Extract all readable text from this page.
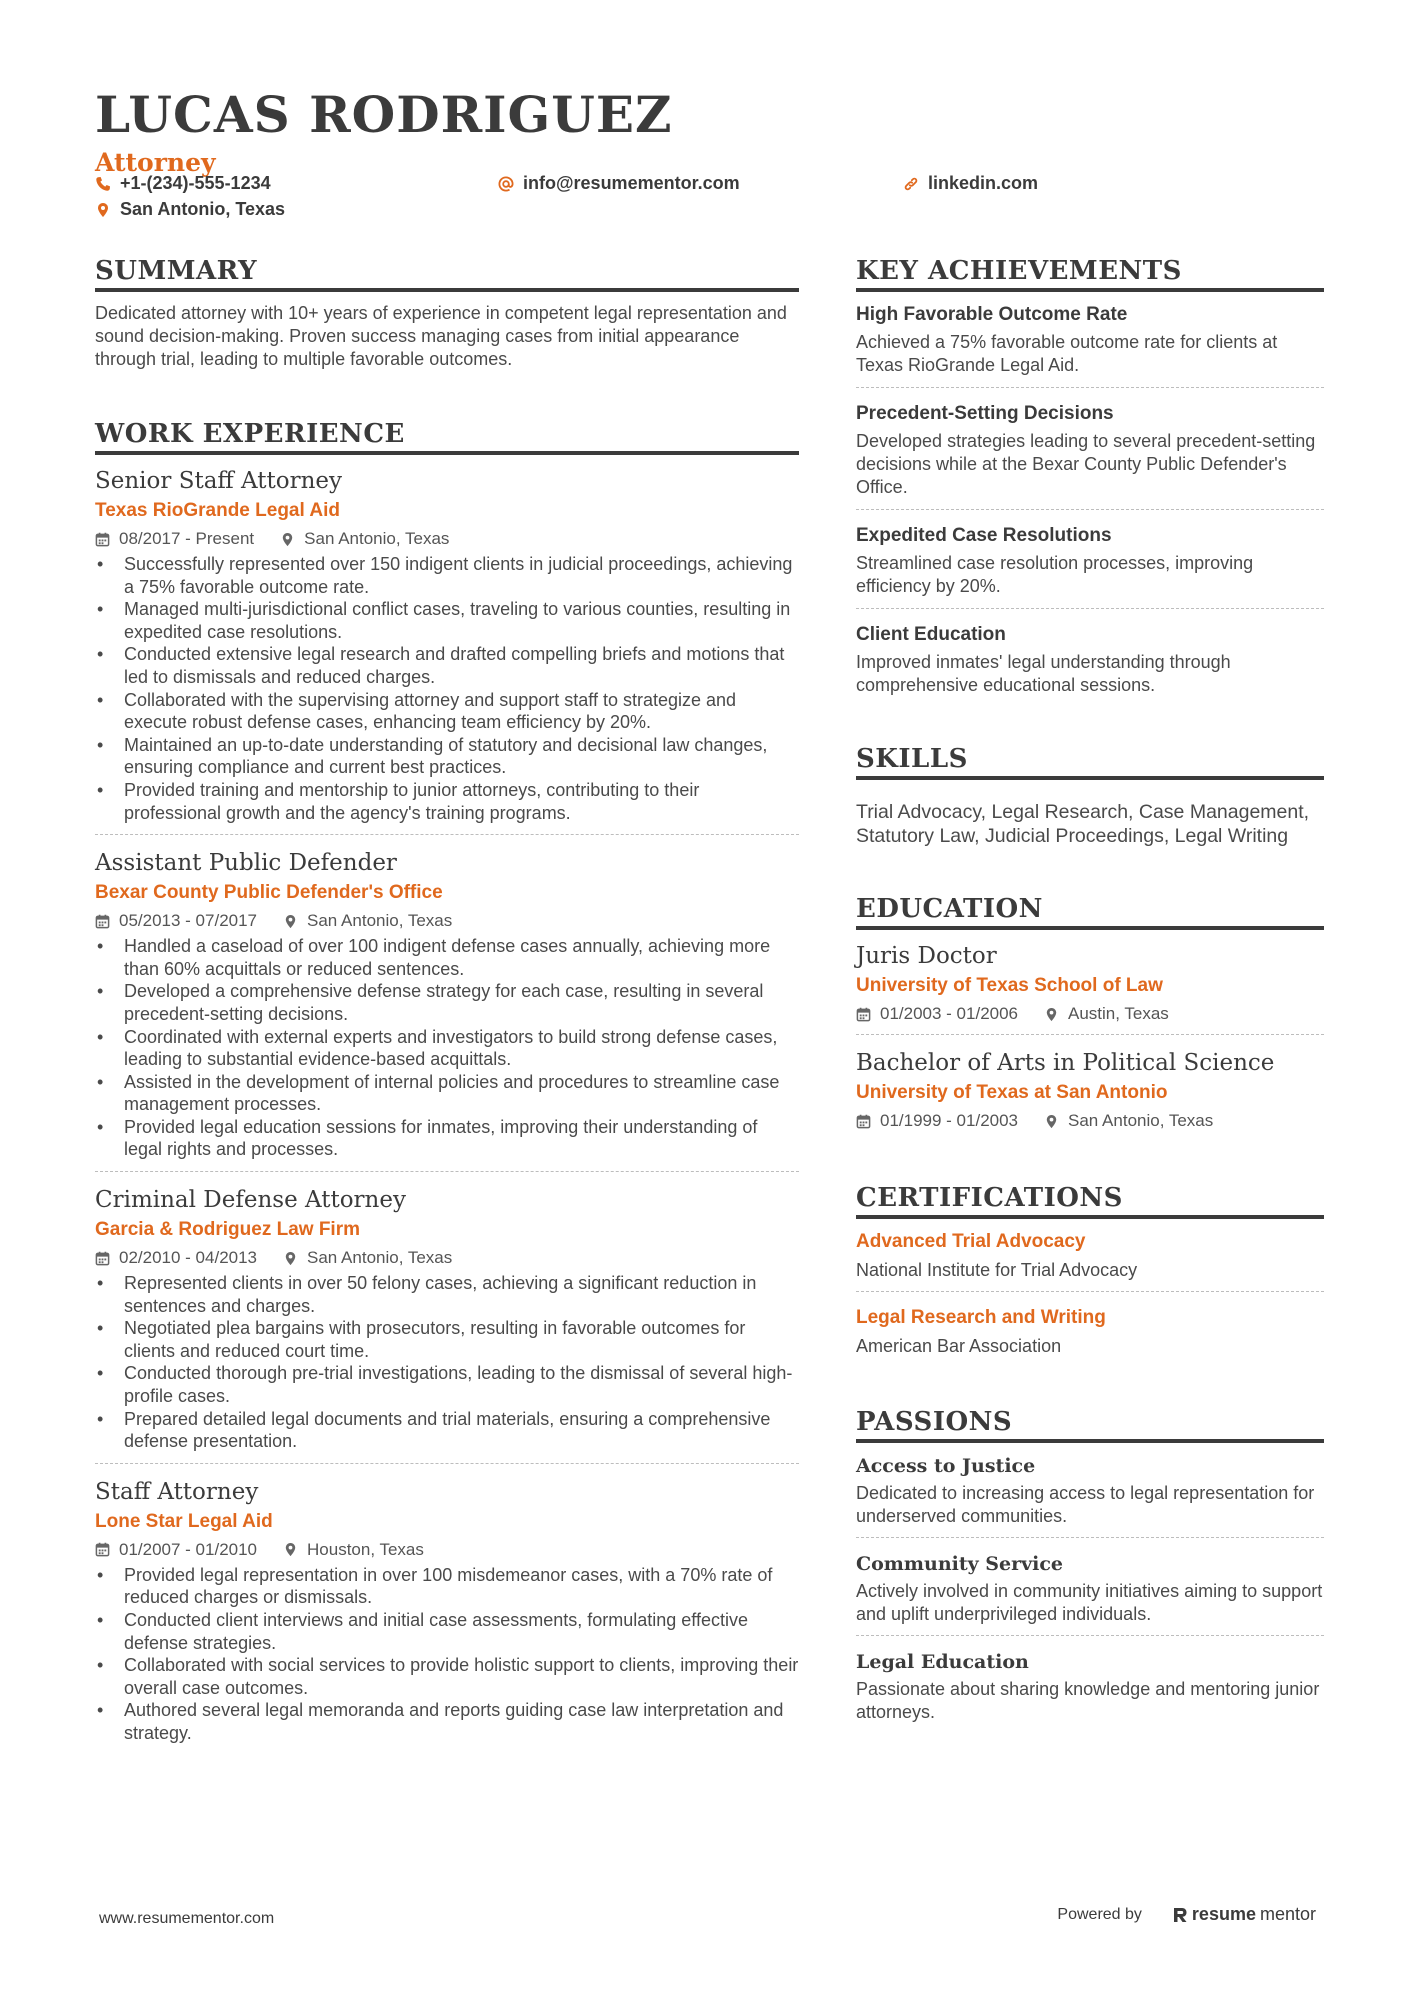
LUCAS RODRIGUEZ
Attorney
+1-(234)-555-1234	info@resumementor.com	linkedin.com
San Antonio, Texas
SUMMARY
Dedicated attorney with 10+ years of experience in competent legal representation and sound decision-making. Proven success managing cases from initial appearance through trial, leading to multiple favorable outcomes.
WORK EXPERIENCE
Senior Staff Attorney
Texas RioGrande Legal Aid
08/2017 - Present	San Antonio, Texas
• Successfully represented over 150 indigent clients in judicial proceedings, achieving a 75% favorable outcome rate.
• Managed multi-jurisdictional conflict cases, traveling to various counties, resulting in expedited case resolutions.
• Conducted extensive legal research and drafted compelling briefs and motions that led to dismissals and reduced charges.
• Collaborated with the supervising attorney and support staff to strategize and execute robust defense cases, enhancing team efficiency by 20%.
• Maintained an up-to-date understanding of statutory and decisional law changes, ensuring compliance and current best practices.
• Provided training and mentorship to junior attorneys, contributing to their professional growth and the agency's training programs.
Assistant Public Defender
Bexar County Public Defender's Office
05/2013 - 07/2017	San Antonio, Texas
• Handled a caseload of over 100 indigent defense cases annually, achieving more than 60% acquittals or reduced sentences.
• Developed a comprehensive defense strategy for each case, resulting in several precedent-setting decisions.
• Coordinated with external experts and investigators to build strong defense cases, leading to substantial evidence-based acquittals.
• Assisted in the development of internal policies and procedures to streamline case management processes.
• Provided legal education sessions for inmates, improving their understanding of legal rights and processes.
Criminal Defense Attorney
Garcia & Rodriguez Law Firm
02/2010 - 04/2013	San Antonio, Texas
• Represented clients in over 50 felony cases, achieving a significant reduction in sentences and charges.
• Negotiated plea bargains with prosecutors, resulting in favorable outcomes for clients and reduced court time.
• Conducted thorough pre-trial investigations, leading to the dismissal of several high-profile cases.
• Prepared detailed legal documents and trial materials, ensuring a comprehensive defense presentation.
Staff Attorney
Lone Star Legal Aid
01/2007 - 01/2010	Houston, Texas
• Provided legal representation in over 100 misdemeanor cases, with a 70% rate of reduced charges or dismissals.
• Conducted client interviews and initial case assessments, formulating effective defense strategies.
• Collaborated with social services to provide holistic support to clients, improving their overall case outcomes.
• Authored several legal memoranda and reports guiding case law interpretation and strategy.
KEY ACHIEVEMENTS
High Favorable Outcome Rate
Achieved a 75% favorable outcome rate for clients at Texas RioGrande Legal Aid.
Precedent-Setting Decisions
Developed strategies leading to several precedent-setting decisions while at the Bexar County Public Defender's Office.
Expedited Case Resolutions
Streamlined case resolution processes, improving efficiency by 20%.
Client Education
Improved inmates' legal understanding through comprehensive educational sessions.
SKILLS
Trial Advocacy, Legal Research, Case Management, Statutory Law, Judicial Proceedings, Legal Writing
EDUCATION
Juris Doctor
University of Texas School of Law
01/2003 - 01/2006	Austin, Texas
Bachelor of Arts in Political Science
University of Texas at San Antonio
01/1999 - 01/2003	San Antonio, Texas
CERTIFICATIONS
Advanced Trial Advocacy
National Institute for Trial Advocacy
Legal Research and Writing
American Bar Association
PASSIONS
Access to Justice
Dedicated to increasing access to legal representation for underserved communities.
Community Service
Actively involved in community initiatives aiming to support and uplift underprivileged individuals.
Legal Education
Passionate about sharing knowledge and mentoring junior attorneys.
www.resumementor.com	Powered by	resume mentor
